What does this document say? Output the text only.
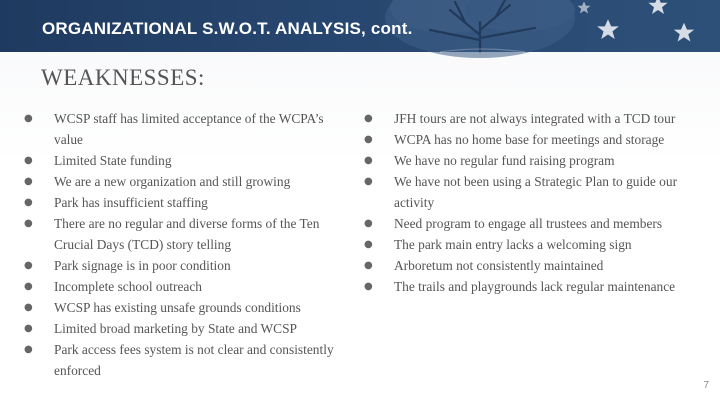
ORGANIZATIONAL S.W.O.T. ANALYSIS, cont.
WEAKNESSES:
●	WCSP staff has limited acceptance of the WCPA’s value
●	Limited State funding
●	We are a new organization and still growing
●	Park has insufficient staffing
●	There are no regular and diverse forms of the Ten Crucial Days (TCD) story telling
●	Park signage is in poor condition
●	Incomplete school outreach
●	WCSP has existing unsafe grounds conditions
●	Limited broad marketing by State and WCSP
●	Park access fees system is not clear and consistently enforced
●	JFH tours are not always integrated with a TCD tour
●	WCPA has no home base for meetings and storage
●	We have no regular fund raising program
●	We have not been using a Strategic Plan to guide our activity
●	Need program to engage all trustees and members
●	The park main entry lacks a welcoming sign
●	Arboretum not consistently maintained
●	The trails and playgrounds lack regular maintenance
7
